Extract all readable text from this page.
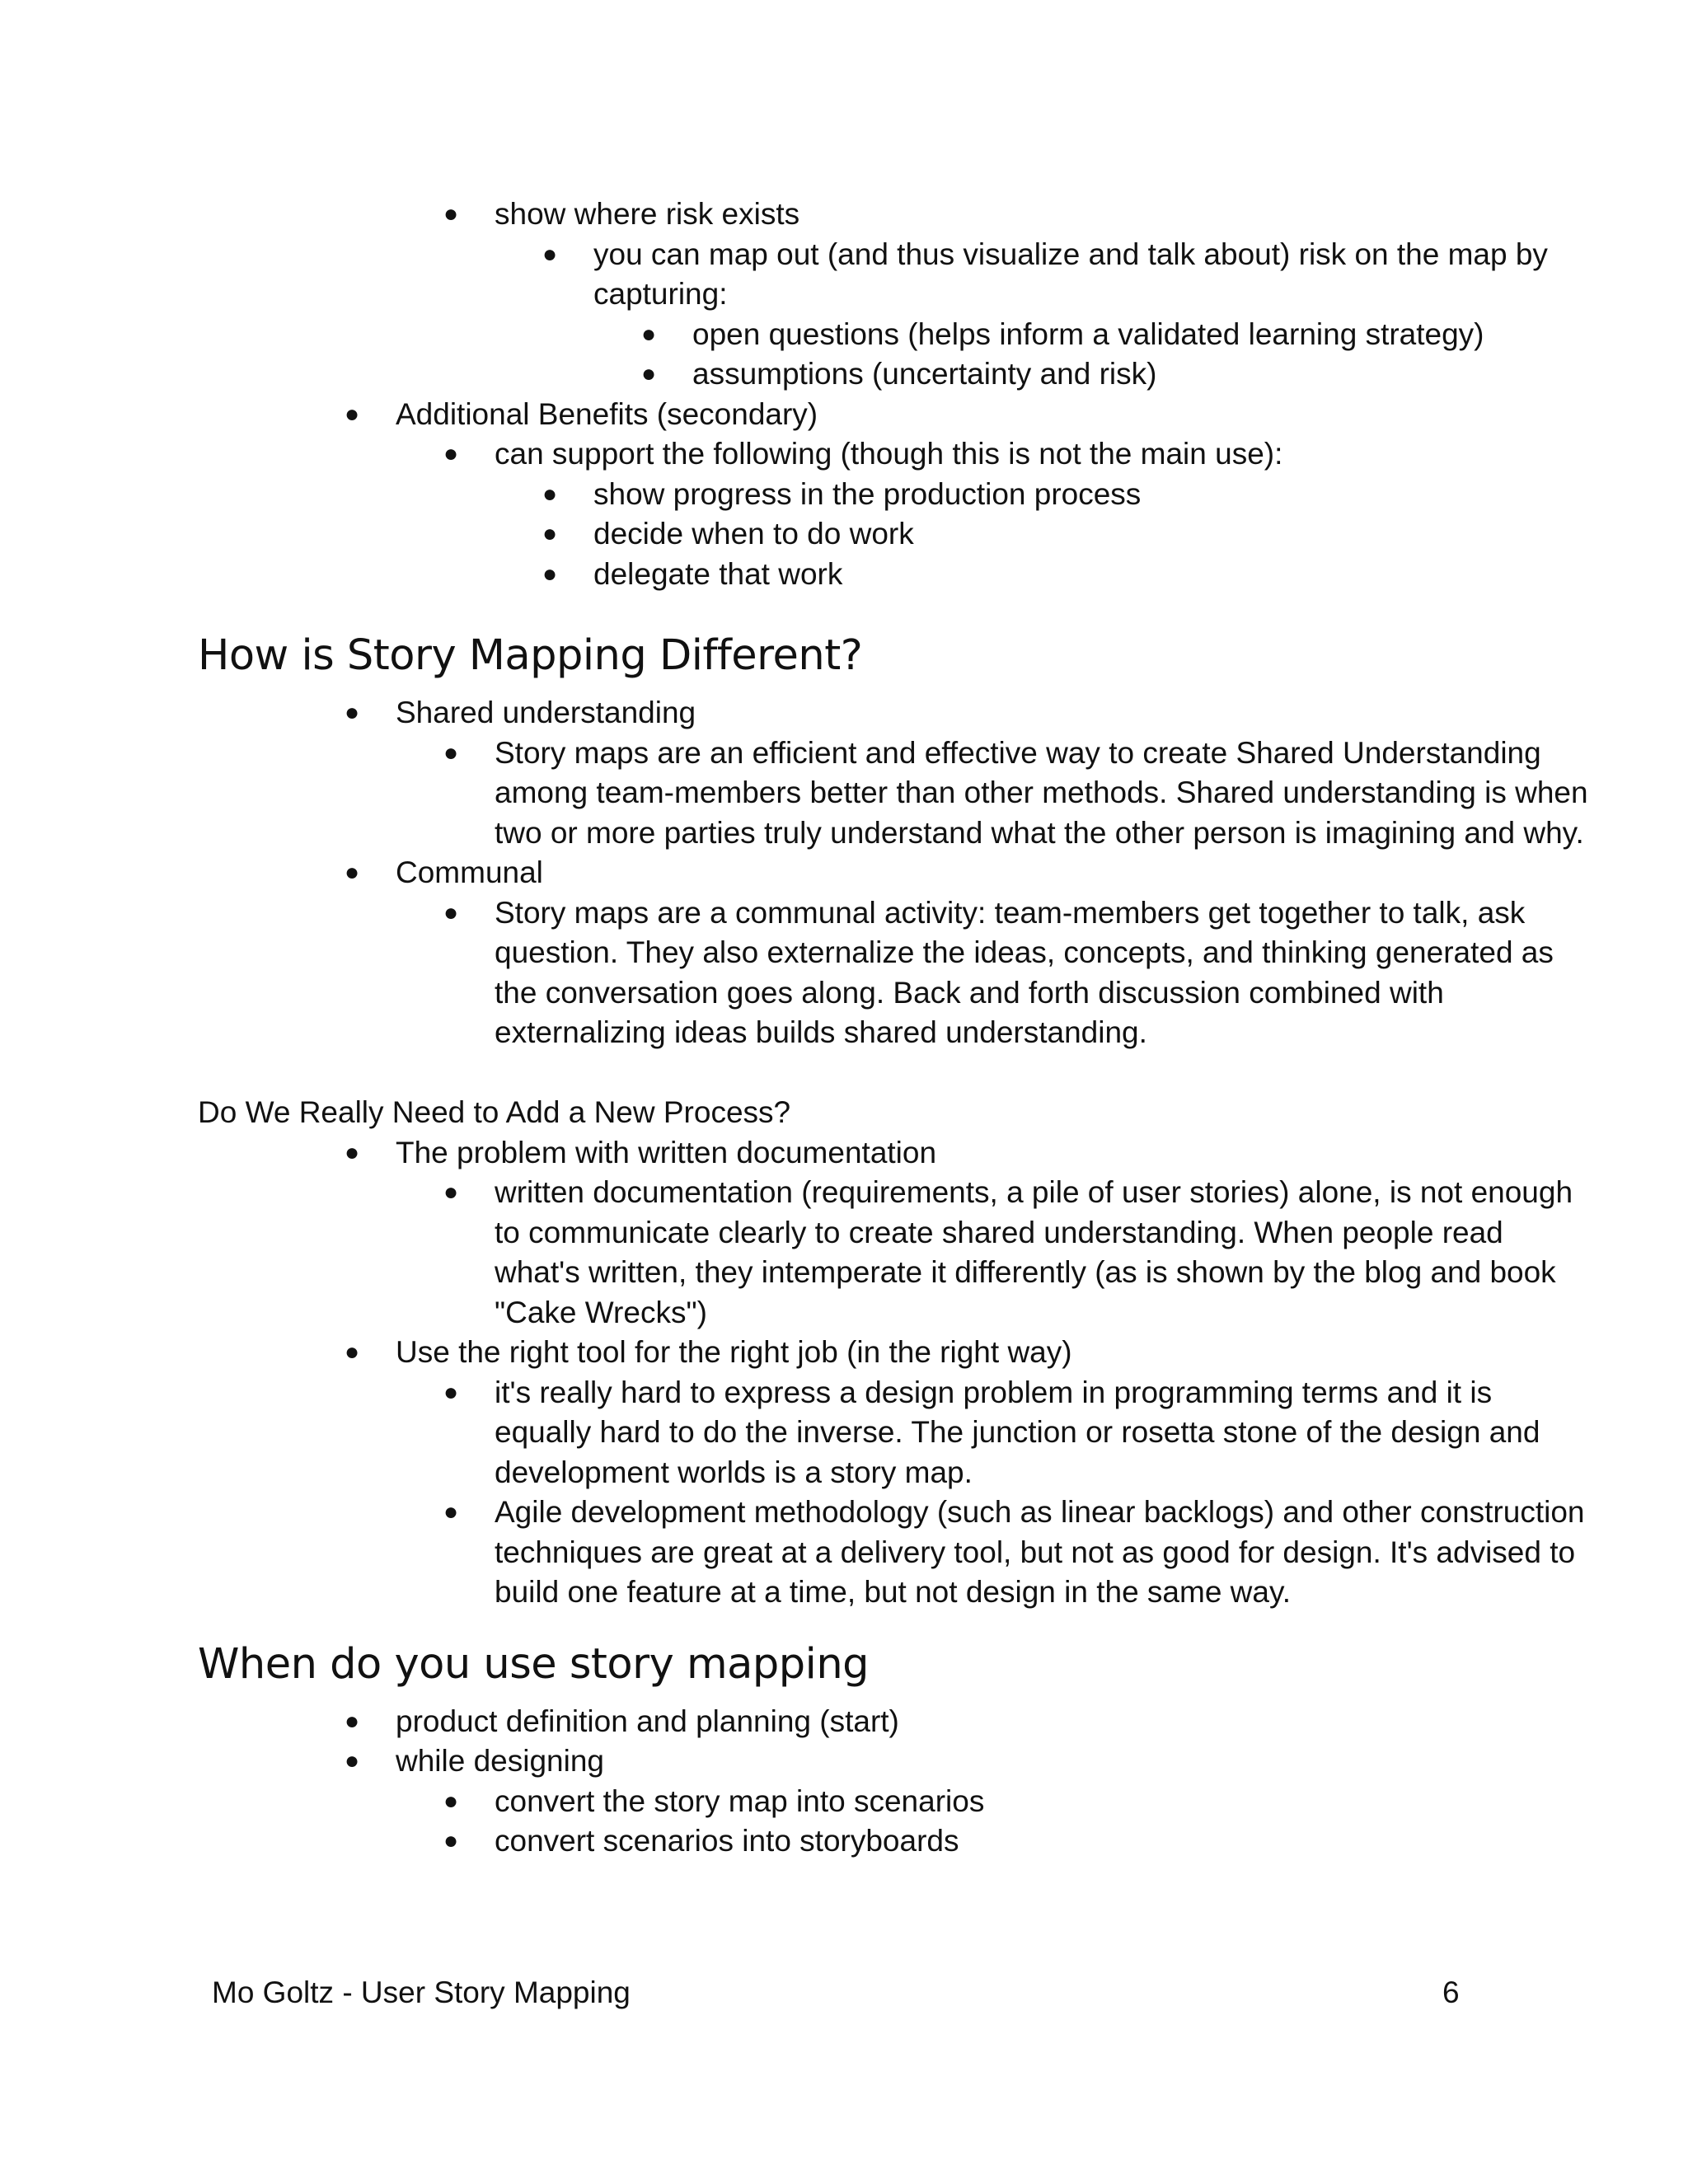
● show where risk exists
● you can map out (and thus visualize and talk about) risk on the map by
capturing:
● open questions (helps inform a validated learning strategy)
● assumptions (uncertainty and risk)
● Additional Benefits (secondary)
● can support the following (though this is not the main use):
● show progress in the production process
● decide when to do work
● delegate that work
How is Story Mapping Different?
● Shared understanding
● Story maps are an efficient and effective way to create Shared Understanding
among team-members better than other methods. Shared understanding is when
two or more parties truly understand what the other person is imagining and why.
● Communal
● Story maps are a communal activity: team-members get together to talk, ask
question. They also externalize the ideas, concepts, and thinking generated as
the conversation goes along. Back and forth discussion combined with
externalizing ideas builds shared understanding.
Do We Really Need to Add a New Process?
● The problem with written documentation
● written documentation (requirements, a pile of user stories) alone, is not enough
to communicate clearly to create shared understanding. When people read
what's written, they intemperate it differently (as is shown by the blog and book
"Cake Wrecks")
● Use the right tool for the right job (in the right way)
● it's really hard to express a design problem in programming terms and it is
equally hard to do the inverse. The junction or rosetta stone of the design and
development worlds is a story map.
● Agile development methodology (such as linear backlogs) and other construction
techniques are great at a delivery tool, but not as good for design. It's advised to
build one feature at a time, but not design in the same way.
When do you use story mapping
● product definition and planning (start)
● while designing
● convert the story map into scenarios
● convert scenarios into storyboards
Mo Goltz - User Story Mapping	6
